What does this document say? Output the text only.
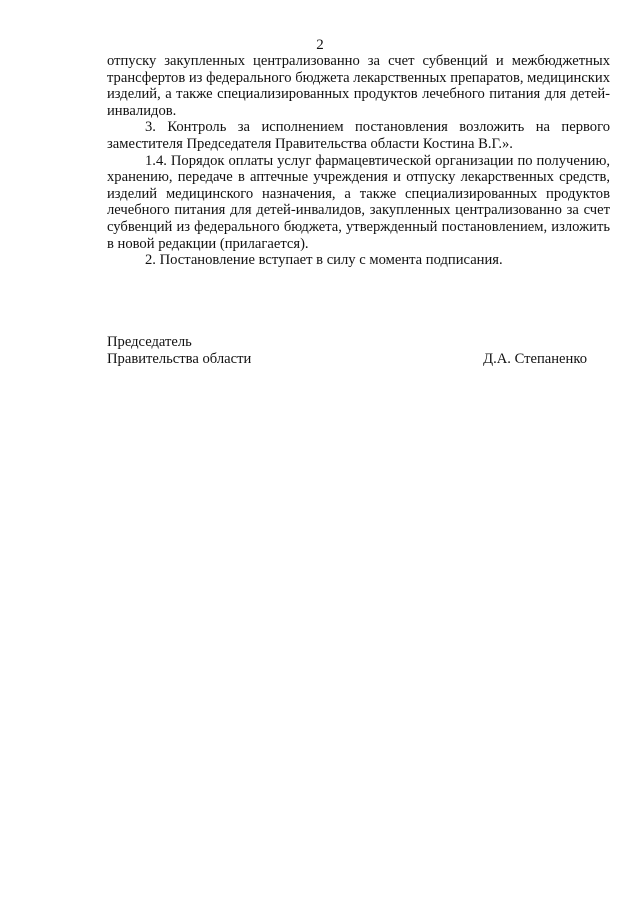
2

отпуску закупленных централизованно за счет субвенций и межбюджетных трансфертов из федерального бюджета лекарственных препаратов, медицинских изделий, а также специализированных продуктов лечебного питания для детей-инвалидов.

3. Контроль за исполнением постановления возложить на первого заместителя Председателя Правительства области Костина В.Г.».

1.4. Порядок оплаты услуг фармацевтической организации по получению, хранению, передаче в аптечные учреждения и отпуску лекарственных средств, изделий медицинского назначения, а также специализированных продуктов лечебного питания для детей-инвалидов, закупленных централизованно за счет субвенций из федерального бюджета, утвержденный постановлением, изложить в новой редакции (прилагается).

2. Постановление вступает в силу с момента подписания.

Председатель
Правительства области	Д.А. Степаненко
